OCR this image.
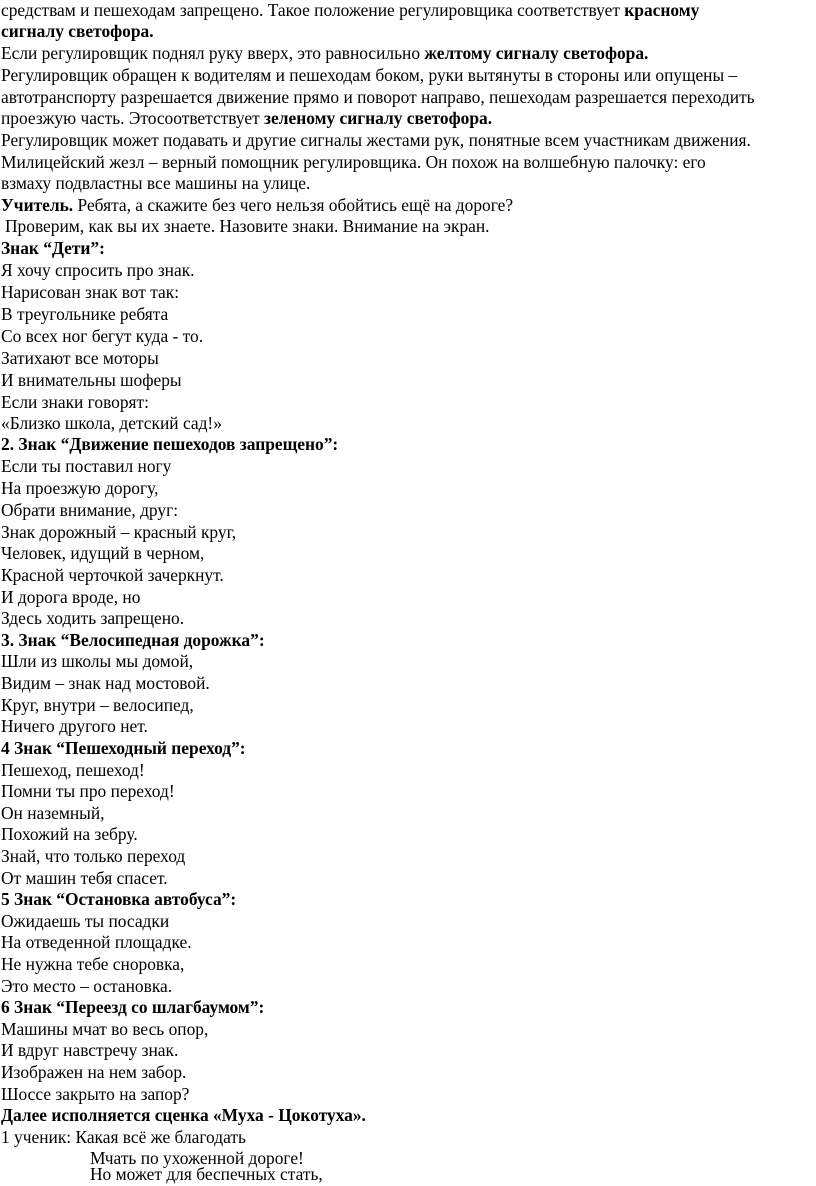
средствам и пешеходам запрещено. Такое положение регулировщика соответствует красному
сигналу светофора.
Если регулировщик поднял руку вверх, это равносильно желтому сигналу светофора.
Регулировщик обращен к водителям и пешеходам боком, руки вытянуты в стороны или опущены –
автотранспорту разрешается движение прямо и поворот направо, пешеходам разрешается переходить
проезжую часть. Этосоответствует зеленому сигналу светофора.
Регулировщик может подавать и другие сигналы жестами рук, понятные всем участникам движения.
Милицейский жезл – верный помощник регулировщика. Он похож на волшебную палочку: его
взмаху подвластны все машины на улице.
Учитель. Ребята, а скажите без чего нельзя обойтись ещё на дороге?
Проверим, как вы их знаете. Назовите знаки. Внимание на экран.
Знак “Дети”:
Я хочу спросить про знак.
Нарисован знак вот так:
В треугольнике ребята
Со всех ног бегут куда - то.
Затихают все моторы
И внимательны шоферы
Если знаки говорят:
«Близко школа, детский сад!»
2. Знак “Движение пешеходов запрещено”:
Если ты поставил ногу
На проезжую дорогу,
Обрати внимание, друг:
Знак дорожный – красный круг,
Человек, идущий в черном,
Красной черточкой зачеркнут.
И дорога вроде, но
Здесь ходить запрещено.
3. Знак “Велосипедная дорожка”:
Шли из школы мы домой,
Видим – знак над мостовой.
Круг, внутри – велосипед,
Ничего другого нет.
4 Знак “Пешеходный переход”:
Пешеход, пешеход!
Помни ты про переход!
Он наземный,
Похожий на зебру.
Знай, что только переход
От машин тебя спасет.
5 Знак “Остановка автобуса”:
Ожидаешь ты посадки
На отведенной площадке.
Не нужна тебе сноровка,
Это место – остановка.
6 Знак “Переезд со шлагбаумом”:
Машины мчат во весь опор,
И вдруг навстречу знак.
Изображен на нем забор.
Шоссе закрыто на запор?
Далее исполняется сценка «Муха - Цокотуха».
1 ученик: Какая всё же благодать
Мчать по ухоженной дороге!
Но может для беспечных стать,
